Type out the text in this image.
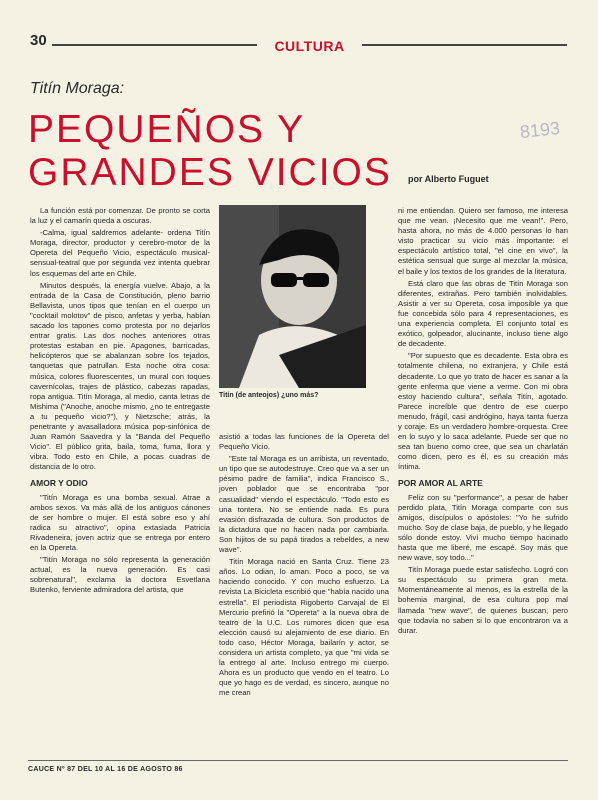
30	CULTURA
Titín Moraga:
PEQUEÑOS Y
GRANDES VICIOS
8193
por Alberto Fuguet

La función está por comenzar. De pronto se corta la luz y el camarín queda a oscuras.

-Calma, igual saldremos adelante- ordena Titín Moraga, director, productor y cerebro-motor de la Opereta del Pequeño Vicio, espectáculo musical-sensual-teatral que por segunda vez intenta quebrar los esquemas del arte en Chile.

Minutos después, la energía vuelve. Abajo, a la entrada de la Casa de Constitución, pleno barrio Bellavista, unos tipos que tenían en el cuerpo un "cocktail molotov" de pisco, anfetas y yerba, habían sacado los tapones como protesta por no dejarlos entrar gratis. Las dos noches anteriores otras protestas estaban en pie. Apagones, barricadas, helicópteros que se abalanzan sobre los tejados, tanquetas que patrullan. Esta noche otra cosa: música, colores fluorescentes, un mural con toques cavernícolas, trajes de plástico, cabezas rapadas, ropa antigua. Titín Moraga, al medio, canta letras de Mishima ("Anoche, anoche mismo, ¿no te entregaste a tu pequeño vicio?"), y Nietzsche; atrás, la penetrante y avasalladora música pop-sinfónica de Juan Ramón Saavedra y la "Banda del Pequeño Vicio". El público grita, baila, toma, fuma, llora y vibra. Todo esto en Chile, a pocas cuadras de distancia de lo otro.

AMOR Y ODIO

"Titín Moraga es una bomba sexual. Atrae a ambos sexos. Va más allá de los antiguos cánones de ser hombre o mujer. El está sobre eso y ahí radica su atractivo", opina extasiada Patricia Rivadeneira, joven actriz que se entrega por entero en la Opereta.

"Titín Moraga no sólo representa la generación actual, es la nueva generación. Es casi sobrenatural", exclama la doctora Esvetlana Butenko, ferviente admiradora del artista, que

Titín (de anteojos) ¿uno más?

asistió a todas las funciones de la Opereta del Pequeño Vicio.

"Este tal Moraga es un arribista, un reventado, un tipo que se autodestruye. Creo que va a ser un pésimo padre de familia", indica Francisco S., joven poblador que se encontraba "por casualidad" viendo el espectáculo. "Todo esto es una tontera. No se entiende nada. Es pura evasión disfrazada de cultura. Son productos de la dictadura que no hacen nada por cambiarla. Son hijitos de su papá tirados a rebeldes, a new wave".

Titín Moraga nació en Santa Cruz. Tiene 23 años. Lo odian, lo aman. Poco a poco, se va haciendo conocido. Y con mucho esfuerzo. La revista La Bicicleta escribió que "había nacido una estrella". El periodista Rigoberto Carvajal de El Mercurio prefirió la "Opereta" a la nueva obra de teatro de la U.C. Los rumores dicen que esa elección causó su alejamiento de ese diario. En todo caso, Héctor Moraga, bailarín y actor, se considera un artista completo, ya que "mi vida se la entrego al arte. Incluso entrego mi cuerpo. Ahora es un producto que vendo en el teatro. Lo que yo hago es de verdad, es sincero, aunque no me crean

ni me entiendan. Quiero ser famoso, me interesa que me vean. ¡Necesito que me vean!". Pero, hasta ahora, no más de 4.000 personas lo han visto practicar su vicio más importante: el espectáculo artístico total, "el cine en vivo", la estética sensual que surge al mezclar la música, el baile y los textos de los grandes de la literatura.

Está claro que las obras de Titín Moraga son diferentes, extrañas. Pero también inolvidables. Asistir a ver su Opereta, cosa imposible ya que fue concebida sólo para 4 representaciones, es una experiencia completa. El conjunto total es exótico, golpeador, alucinante, incluso tiene algo de decadente.

"Por supuesto que es decadente. Esta obra es totalmente chilena, no extranjera, y Chile está decadente. Lo que yo trato de hacer es sanar a la gente enferma que viene a verme. Con mi obra estoy haciendo cultura", señala Titín, agotado. Parece increíble que dentro de ese cuerpo menudo, frágil, casi andrógino, haya tanta fuerza y coraje. Es un verdadero hombre-orquesta. Cree en lo suyo y lo saca adelante. Puede ser que no sea tan bueno como cree, que sea un charlatán como dicen, pero es él, es su creación más íntima.

POR AMOR AL ARTE

Feliz con su "performance", a pesar de haber perdido plata, Titín Moraga comparte con sus amigos, discípulos o apóstoles: "Yo he sufrido mucho. Soy de clase baja, de pueblo, y he llegado sólo donde estoy. Viví mucho tiempo hacinado hasta que me liberé, me escapé. Soy más que new wave, soy todo..."

Titín Moraga puede estar satisfecho. Logró con su espectáculo su primera gran meta. Momentáneamente al menos, es la estrella de la bohemia marginal, de esa cultura pop mal llamada "new wave", de quienes buscan, pero que todavía no saben si lo que encontraron va a durar.

CAUCE Nº 87 DEL 10 AL 16 DE AGOSTO 86
